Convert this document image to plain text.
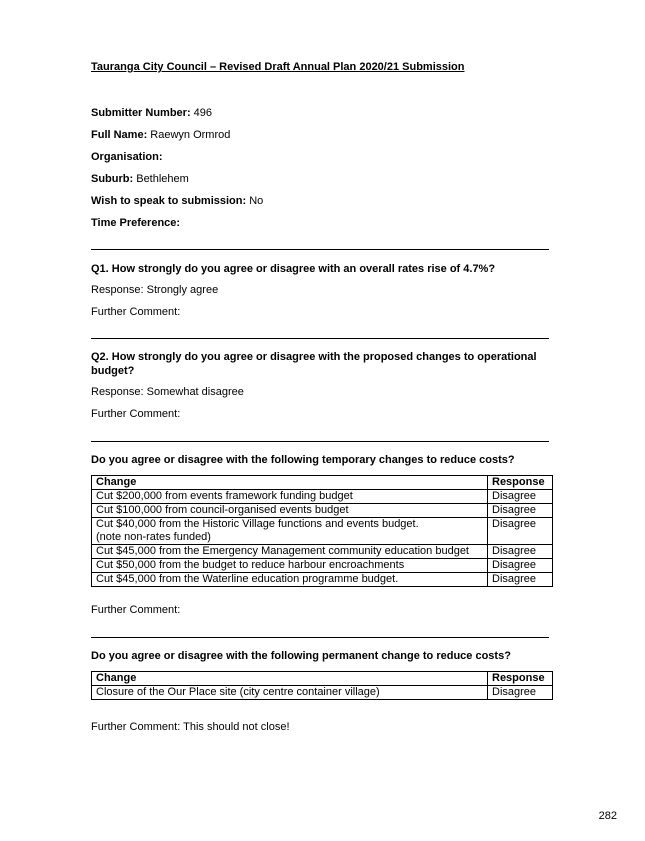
Tauranga City Council – Revised Draft Annual Plan 2020/21 Submission
Submitter Number: 496
Full Name: Raewyn Ormrod
Organisation:
Suburb: Bethlehem
Wish to speak to submission: No
Time Preference:
Q1. How strongly do you agree or disagree with an overall rates rise of 4.7%?
Response: Strongly agree
Further Comment:
Q2. How strongly do you agree or disagree with the proposed changes to operational budget?
Response: Somewhat disagree
Further Comment:
Do you agree or disagree with the following temporary changes to reduce costs?
Change	Response
Cut $200,000 from events framework funding budget	Disagree
Cut $100,000 from council-organised events budget	Disagree
Cut $40,000 from the Historic Village functions and events budget.
(note non-rates funded)	Disagree
Cut $45,000 from the Emergency Management community education budget	Disagree
Cut $50,000 from the budget to reduce harbour encroachments	Disagree
Cut $45,000 from the Waterline education programme budget.	Disagree
Further Comment:
Do you agree or disagree with the following permanent change to reduce costs?
Change	Response
Closure of the Our Place site (city centre container village)	Disagree
Further Comment: This should not close!
282
